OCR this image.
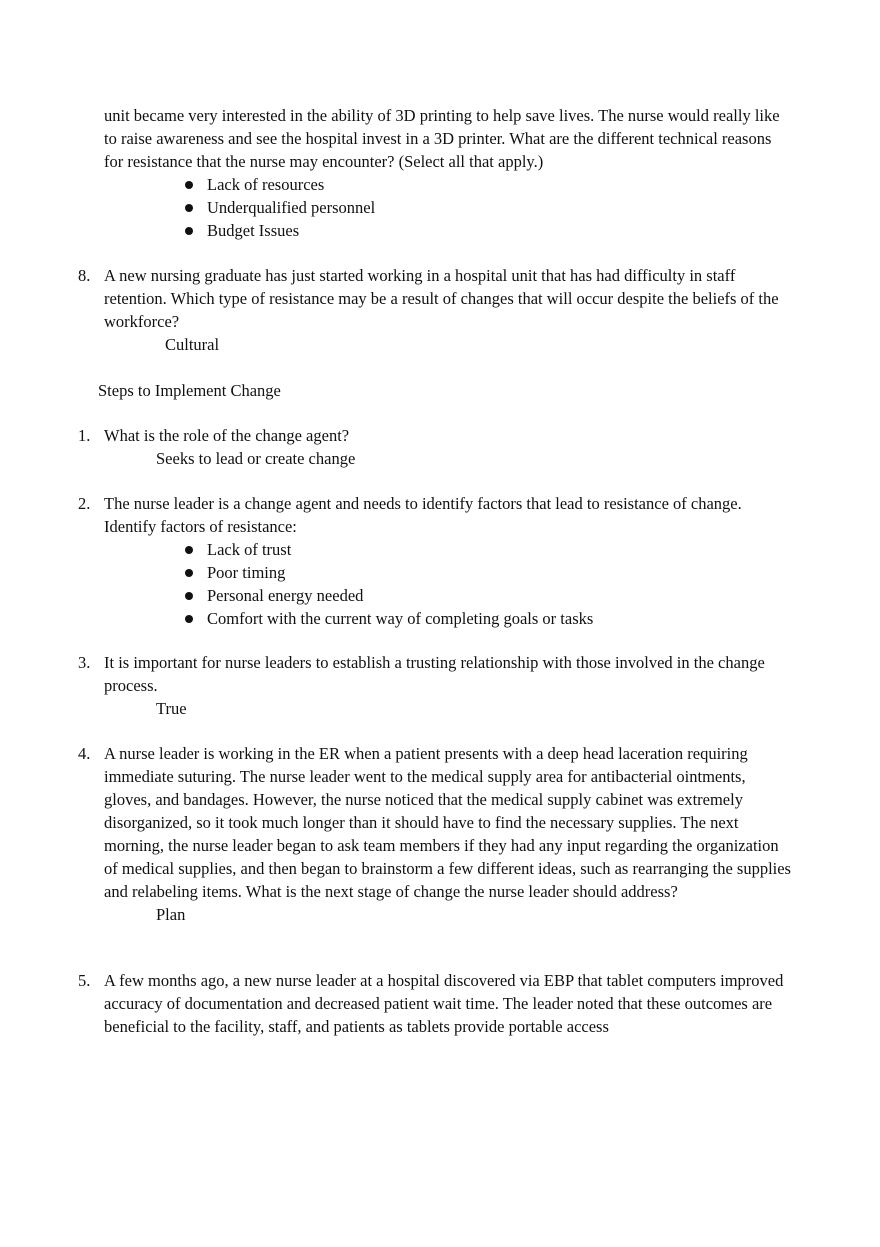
unit became very interested in the ability of 3D printing to help save lives. The nurse would really like to raise awareness and see the hospital invest in a 3D printer. What are the different technical reasons for resistance that the nurse may encounter? (Select all that apply.)
Lack of resources
Underqualified personnel
Budget Issues
8. A new nursing graduate has just started working in a hospital unit that has had difficulty in staff retention. Which type of resistance may be a result of changes that will occur despite the beliefs of the workforce?
Cultural
Steps to Implement Change
1. What is the role of the change agent?
Seeks to lead or create change
2. The nurse leader is a change agent and needs to identify factors that lead to resistance of change. Identify factors of resistance:
Lack of trust
Poor timing
Personal energy needed
Comfort with the current way of completing goals or tasks
3. It is important for nurse leaders to establish a trusting relationship with those involved in the change process.
True
4. A nurse leader is working in the ER when a patient presents with a deep head laceration requiring immediate suturing. The nurse leader went to the medical supply area for antibacterial ointments, gloves, and bandages. However, the nurse noticed that the medical supply cabinet was extremely disorganized, so it took much longer than it should have to find the necessary supplies. The next morning, the nurse leader began to ask team members if they had any input regarding the organization of medical supplies, and then began to brainstorm a few different ideas, such as rearranging the supplies and relabeling items. What is the next stage of change the nurse leader should address?
Plan
5. A few months ago, a new nurse leader at a hospital discovered via EBP that tablet computers improved accuracy of documentation and decreased patient wait time. The leader noted that these outcomes are beneficial to the facility, staff, and patients as tablets provide portable access
